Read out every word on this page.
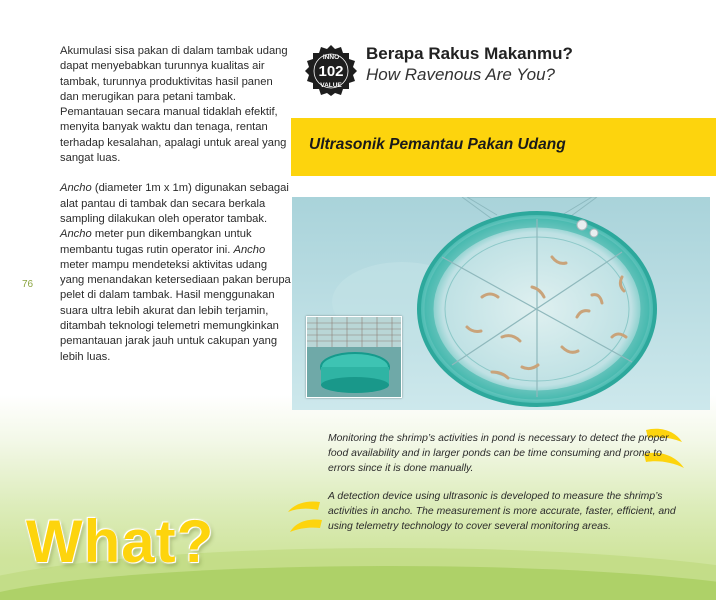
76

Akumulasi sisa pakan di dalam tambak udang dapat menyebabkan turunnya kualitas air tambak, turunnya produktivitas hasil panen dan merugikan para petani tambak. Pemantauan secara manual tidaklah efektif, menyita banyak waktu dan tenaga, rentan terhadap kesalahan, apalagi untuk areal yang sangat luas.

Ancho (diameter 1m x 1m) digunakan sebagai alat pantau di tambak dan secara berkala sampling dilakukan oleh operator tambak. Ancho meter pun dikembangkan untuk membantu tugas rutin operator ini. Ancho meter mampu mendeteksi aktivitas udang yang menandakan ketersediaan pakan berupa pelet di dalam tambak. Hasil menggunakan suara ultra lebih akurat dan lebih terjamin, ditambah teknologi telemetri memungkinkan pemantauan jarak jauh untuk cakupan yang lebih luas.

INNO
102
VALUE
Berapa Rakus Makanmu?
How Ravenous Are You?
Ultrasonik Pemantau Pakan Udang

Monitoring the shrimp’s activities in pond is necessary to detect the proper food availability and in larger ponds can be time consuming and prone to errors since it is done manually.

A detection device using ultrasonic is developed to measure the shrimp’s activities in ancho. The measurement is more accurate, faster, efficient, and using telemetry technology to cover several monitoring areas.

What?
